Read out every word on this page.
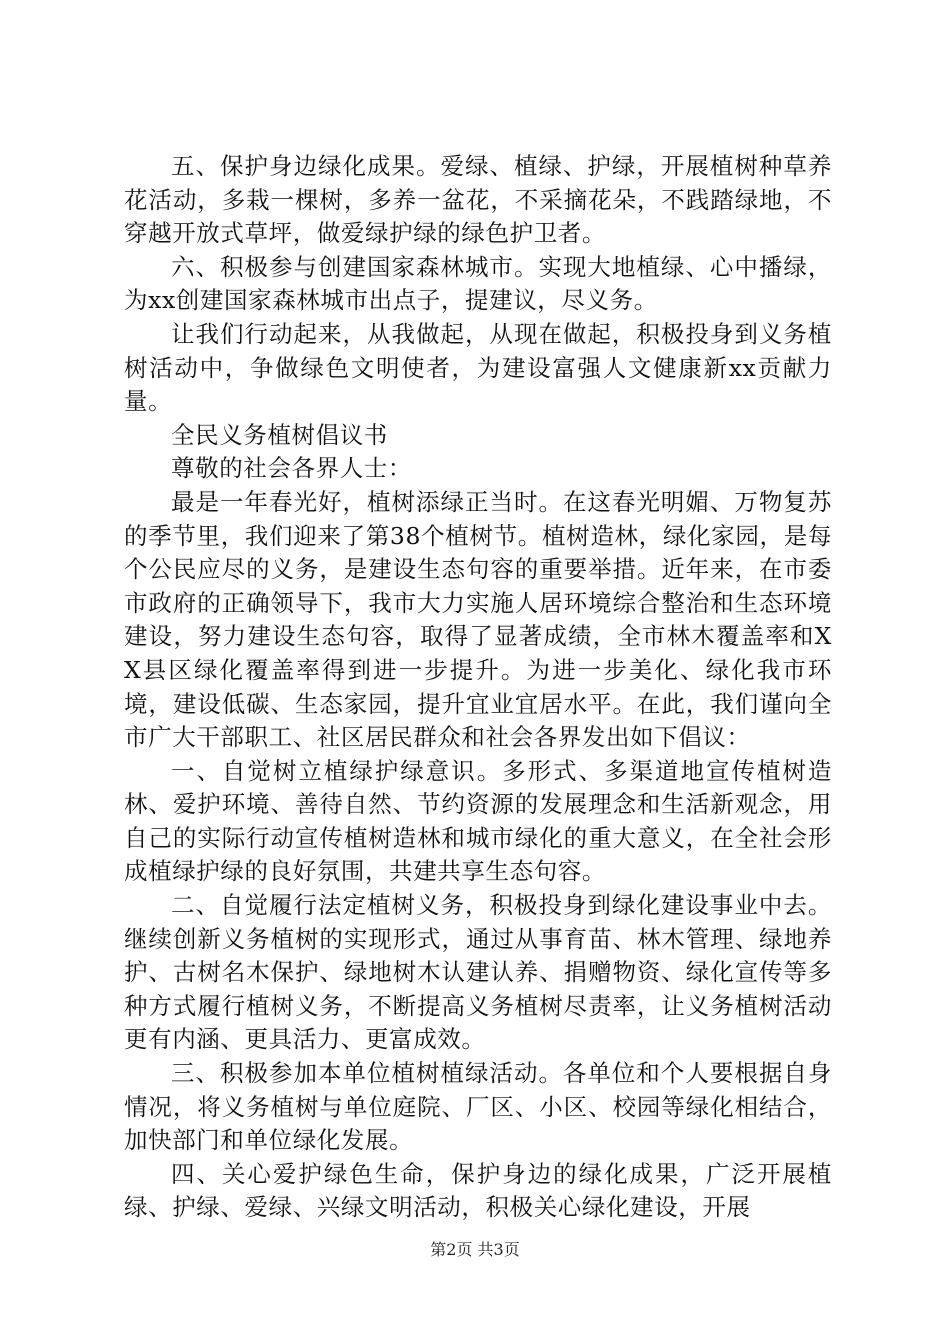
五、保护身边绿化成果。爱绿、植绿、护绿，开展植树种草养花活动，多栽一棵树，多养一盆花，不采摘花朵，不践踏绿地，不穿越开放式草坪，做爱绿护绿的绿色护卫者。

六、积极参与创建国家森林城市。实现大地植绿、心中播绿，为xx创建国家森林城市出点子，提建议，尽义务。

让我们行动起来，从我做起，从现在做起，积极投身到义务植树活动中，争做绿色文明使者，为建设富强人文健康新xx贡献力量。

全民义务植树倡议书

尊敬的社会各界人士：

最是一年春光好，植树添绿正当时。在这春光明媚、万物复苏的季节里，我们迎来了第38个植树节。植树造林，绿化家园，是每个公民应尽的义务，是建设生态句容的重要举措。近年来，在市委市政府的正确领导下，我市大力实施人居环境综合整治和生态环境建设，努力建设生态句容，取得了显著成绩，全市林木覆盖率和XX县区绿化覆盖率得到进一步提升。为进一步美化、绿化我市环境，建设低碳、生态家园，提升宜业宜居水平。在此，我们谨向全市广大干部职工、社区居民群众和社会各界发出如下倡议：

一、自觉树立植绿护绿意识。多形式、多渠道地宣传植树造林、爱护环境、善待自然、节约资源的发展理念和生活新观念，用自己的实际行动宣传植树造林和城市绿化的重大意义，在全社会形成植绿护绿的良好氛围，共建共享生态句容。

二、自觉履行法定植树义务，积极投身到绿化建设事业中去。继续创新义务植树的实现形式，通过从事育苗、林木管理、绿地养护、古树名木保护、绿地树木认建认养、捐赠物资、绿化宣传等多种方式履行植树义务，不断提高义务植树尽责率，让义务植树活动更有内涵、更具活力、更富成效。

三、积极参加本单位植树植绿活动。各单位和个人要根据自身情况，将义务植树与单位庭院、厂区、小区、校园等绿化相结合，加快部门和单位绿化发展。

四、关心爱护绿色生命，保护身边的绿化成果，广泛开展植绿、护绿、爱绿、兴绿文明活动，积极关心绿化建设，开展

第2页 共3页
